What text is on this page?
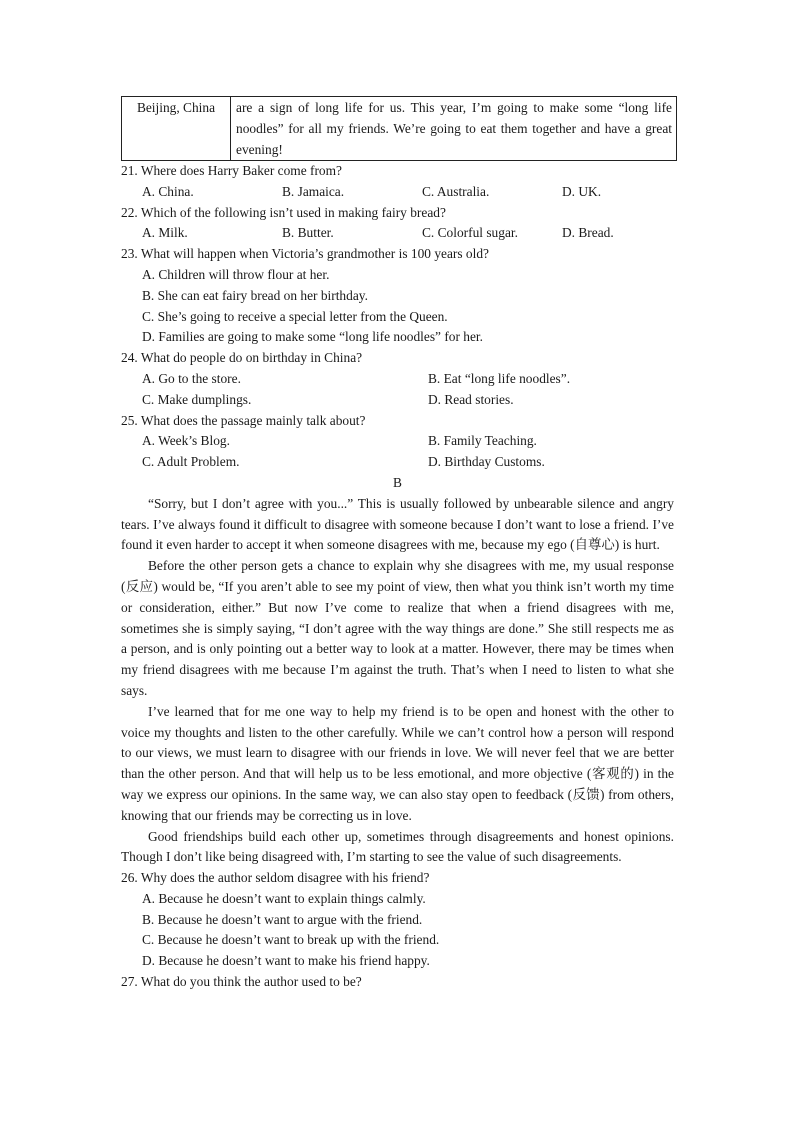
Beijing, China	are a sign of long life for us. This year, I’m going to make some “long life noodles” for all my friends. We’re going to eat them together and have a great evening!

21. Where does Harry Baker come from?

A. China.	B. Jamaica.	C. Australia.	D. UK.

22. Which of the following isn’t used in making fairy bread?

A. Milk.	B. Butter.	C. Colorful sugar.	D. Bread.

23. What will happen when Victoria’s grandmother is 100 years old?

A. Children will throw flour at her.
B. She can eat fairy bread on her birthday.
C. She’s going to receive a special letter from the Queen.
D. Families are going to make some “long life noodles” for her.

24. What do people do on birthday in China?

A. Go to the store.	B. Eat “long life noodles”.
C. Make dumplings.	D. Read stories.

25. What does the passage mainly talk about?

A. Week’s Blog.	B. Family Teaching.
C. Adult Problem.	D. Birthday Customs.
B

“Sorry, but I don’t agree with you...” This is usually followed by unbearable silence and angry tears. I’ve always found it difficult to disagree with someone because I don’t want to lose a friend. I’ve found it even harder to accept it when someone disagrees with me, because my ego (自尊心) is hurt.

Before the other person gets a chance to explain why she disagrees with me, my usual response (反应) would be, “If you aren’t able to see my point of view, then what you think isn’t worth my time or consideration, either.” But now I’ve come to realize that when a friend disagrees with me, sometimes she is simply saying, “I don’t agree with the way things are done.” She still respects me as a person, and is only pointing out a better way to look at a matter. However, there may be times when my friend disagrees with me because I’m against the truth. That’s when I need to listen to what she says.

I’ve learned that for me one way to help my friend is to be open and honest with the other to voice my thoughts and listen to the other carefully. While we can’t control how a person will respond to our views, we must learn to disagree with our friends in love. We will never feel that we are better than the other person. And that will help us to be less emotional, and more objective (客观的) in the way we express our opinions. In the same way, we can also stay open to feedback (反馈) from others, knowing that our friends may be correcting us in love.

Good friendships build each other up, sometimes through disagreements and honest opinions. Though I don’t like being disagreed with, I’m starting to see the value of such disagreements.

26. Why does the author seldom disagree with his friend?

A. Because he doesn’t want to explain things calmly.
B. Because he doesn’t want to argue with the friend.
C. Because he doesn’t want to break up with the friend.
D. Because he doesn’t want to make his friend happy.

27. What do you think the author used to be?
